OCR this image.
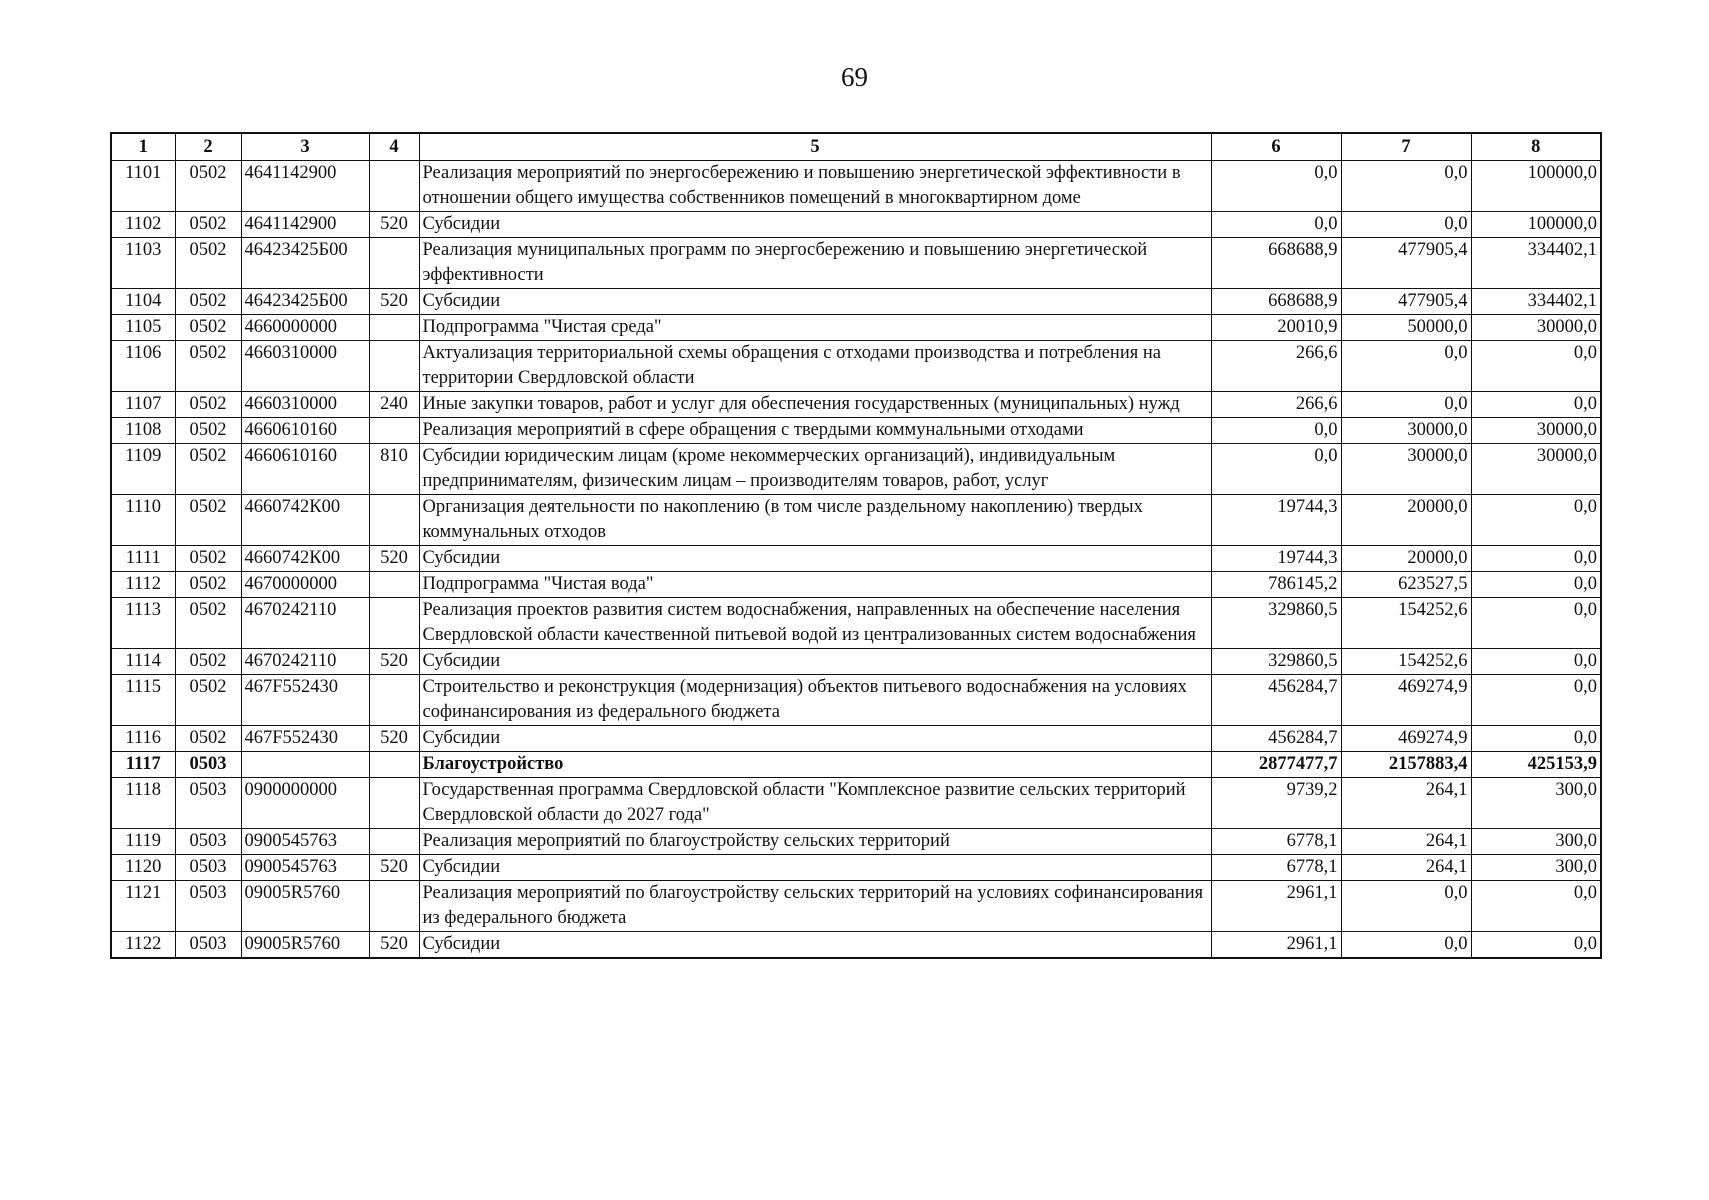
69
1	2	3	4	5	6	7	8
1101	0502	4641142900		Реализация мероприятий по энергосбережению и повышению энергетической эффективности в отношении общего имущества собственников помещений в многоквартирном доме	0,0	0,0	100000,0
1102	0502	4641142900	520	Субсидии	0,0	0,0	100000,0
1103	0502	46423425Б00		Реализация муниципальных программ по энергосбережению и повышению энергетической эффективности	668688,9	477905,4	334402,1
1104	0502	46423425Б00	520	Субсидии	668688,9	477905,4	334402,1
1105	0502	4660000000		Подпрограмма "Чистая среда"	20010,9	50000,0	30000,0
1106	0502	4660310000		Актуализация территориальной схемы обращения с отходами производства и потребления на территории Свердловской области	266,6	0,0	0,0
1107	0502	4660310000	240	Иные закупки товаров, работ и услуг для обеспечения государственных (муниципальных) нужд	266,6	0,0	0,0
1108	0502	4660610160		Реализация мероприятий в сфере обращения с твердыми коммунальными отходами	0,0	30000,0	30000,0
1109	0502	4660610160	810	Субсидии юридическим лицам (кроме некоммерческих организаций), индивидуальным предпринимателям, физическим лицам – производителям товаров, работ, услуг	0,0	30000,0	30000,0
1110	0502	4660742К00		Организация деятельности по накоплению (в том числе раздельному накоплению) твердых коммунальных отходов	19744,3	20000,0	0,0
1111	0502	4660742К00	520	Субсидии	19744,3	20000,0	0,0
1112	0502	4670000000		Подпрограмма "Чистая вода"	786145,2	623527,5	0,0
1113	0502	4670242110		Реализация проектов развития систем водоснабжения, направленных на обеспечение населения Свердловской области качественной питьевой водой из централизованных систем водоснабжения	329860,5	154252,6	0,0
1114	0502	4670242110	520	Субсидии	329860,5	154252,6	0,0
1115	0502	467F552430		Строительство и реконструкция (модернизация) объектов питьевого водоснабжения на условиях софинансирования из федерального бюджета	456284,7	469274,9	0,0
1116	0502	467F552430	520	Субсидии	456284,7	469274,9	0,0
1117	0503			Благоустройство	2877477,7	2157883,4	425153,9
1118	0503	0900000000		Государственная программа Свердловской области "Комплексное развитие сельских территорий Свердловской области до 2027 года"	9739,2	264,1	300,0
1119	0503	0900545763		Реализация мероприятий по благоустройству сельских территорий	6778,1	264,1	300,0
1120	0503	0900545763	520	Субсидии	6778,1	264,1	300,0
1121	0503	09005R5760		Реализация мероприятий по благоустройству сельских территорий на условиях софинансирования из федерального бюджета	2961,1	0,0	0,0
1122	0503	09005R5760	520	Субсидии	2961,1	0,0	0,0
